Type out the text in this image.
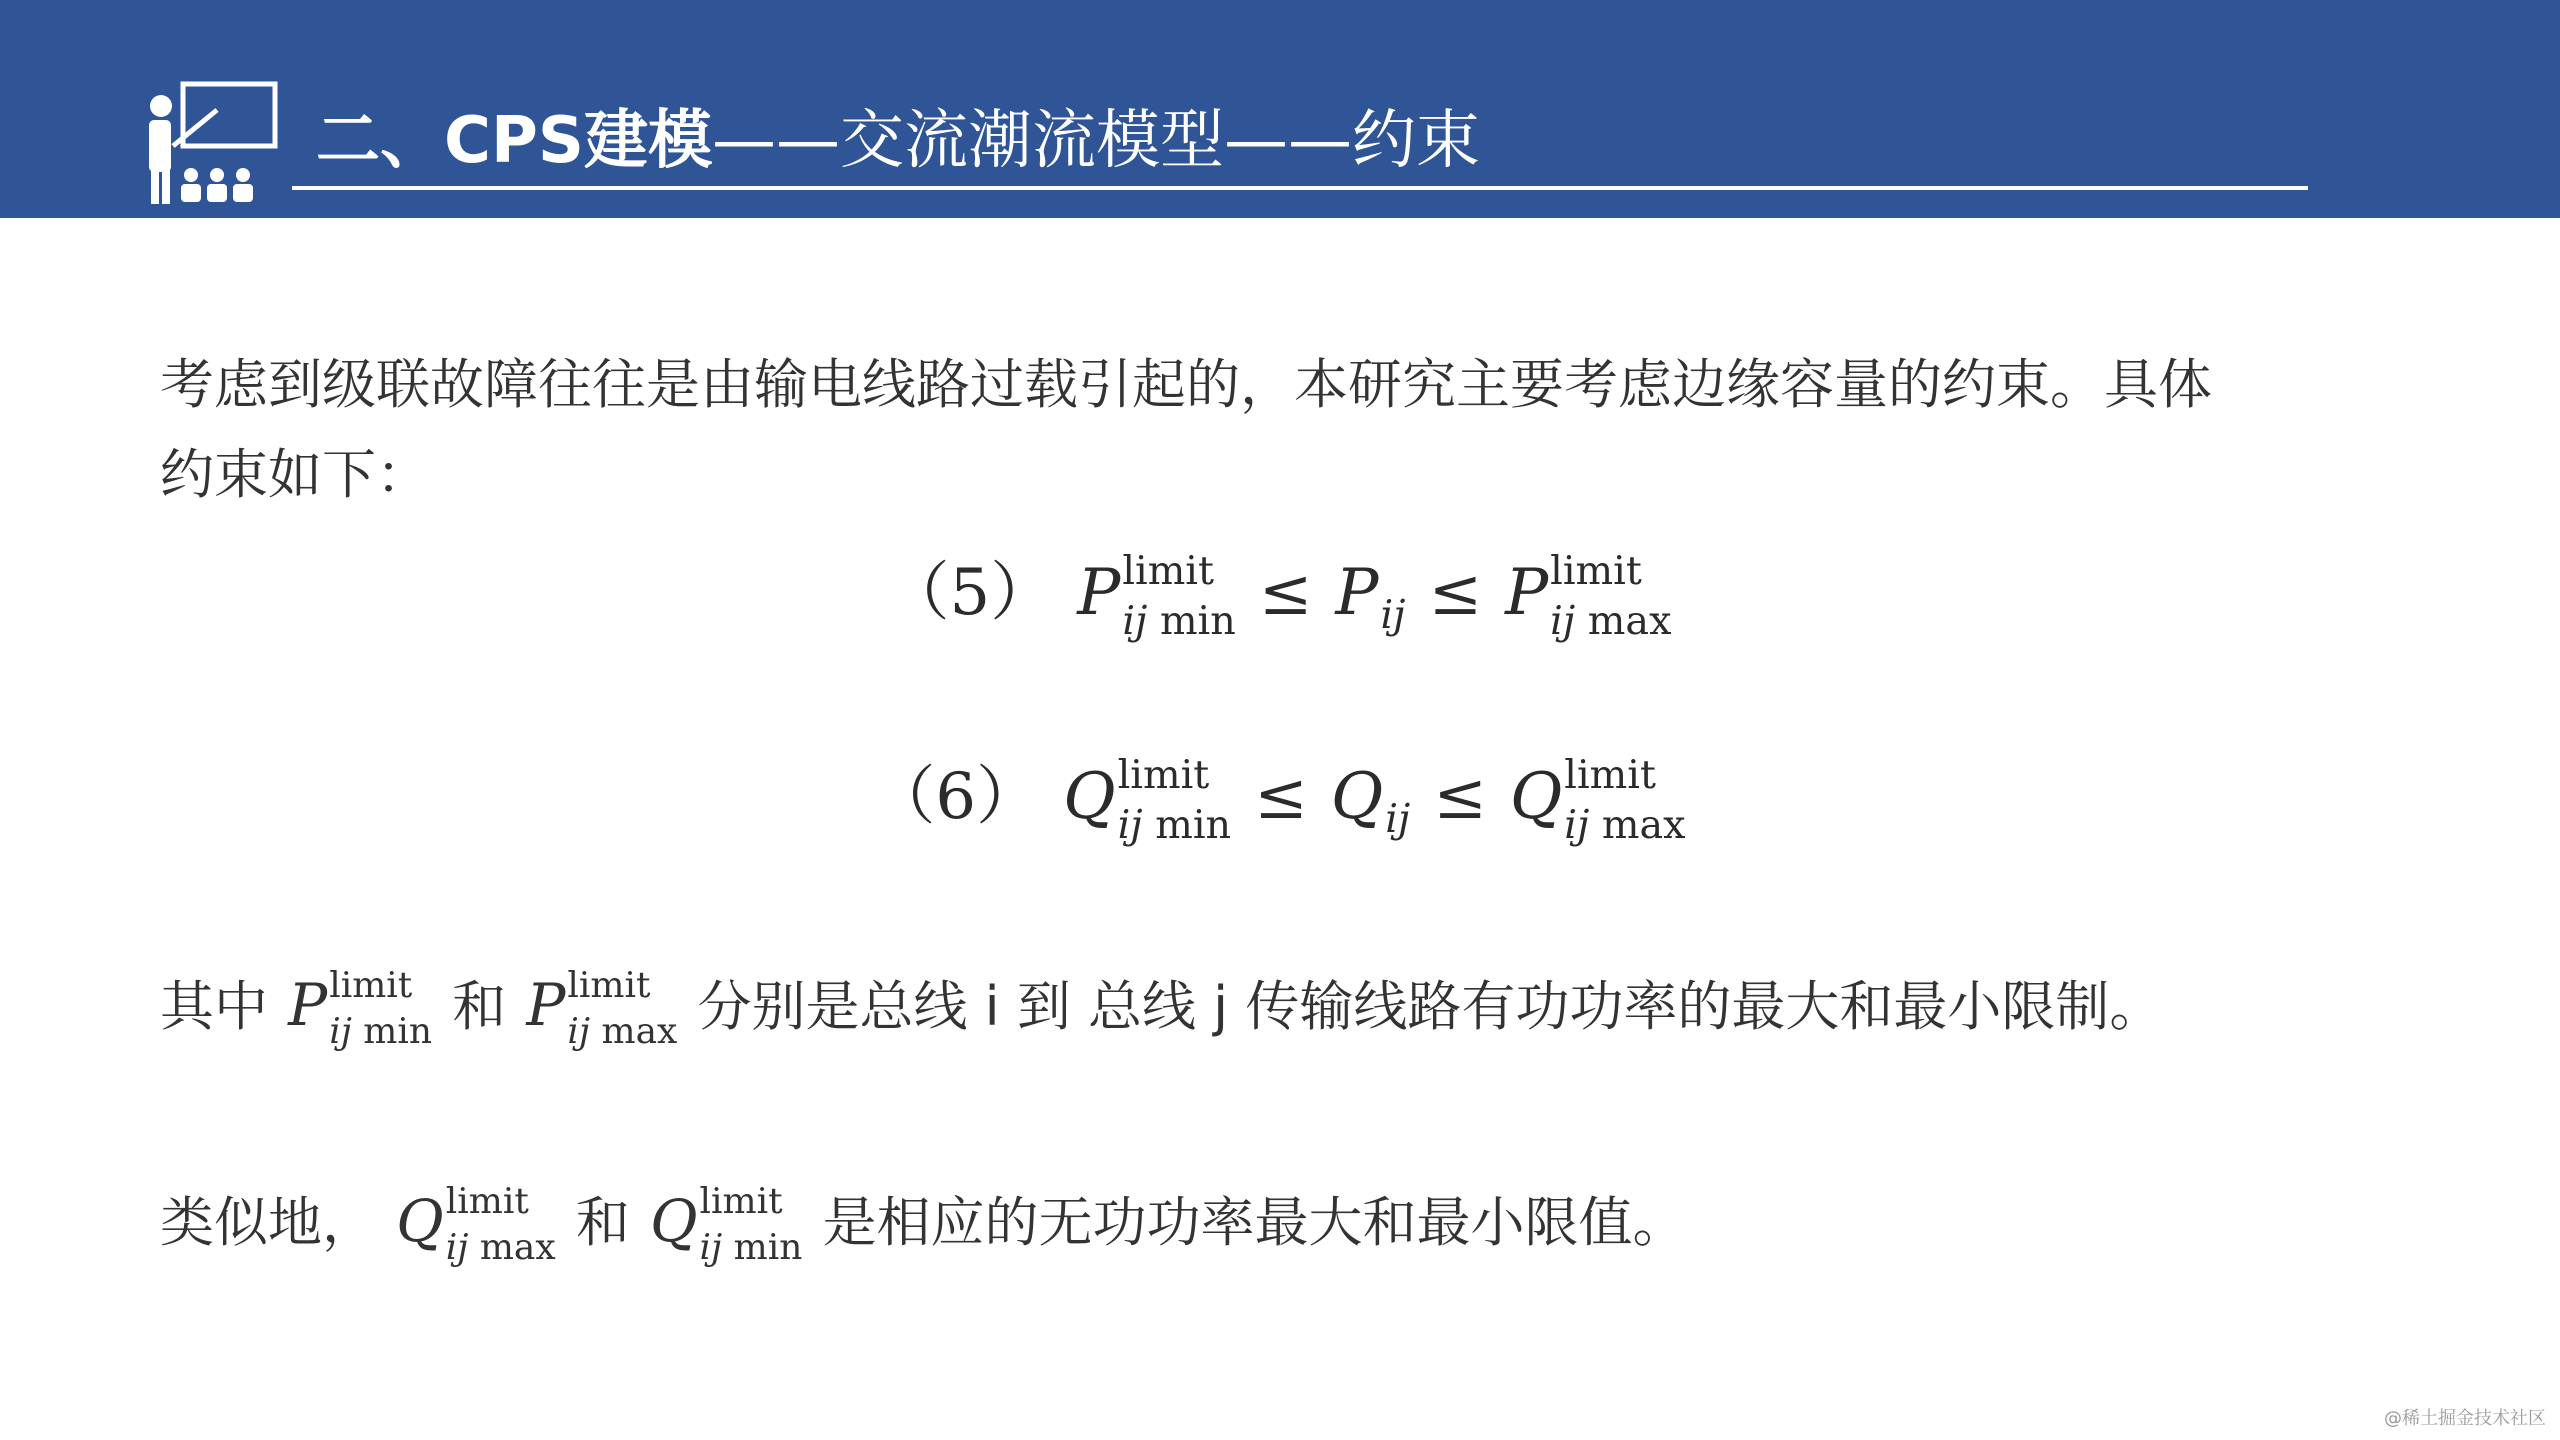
二、CPS建模——交流潮流模型——约束
考虑到级联故障往往是由输电线路过载引起的，本研究主要考虑边缘容量的约束。具体
约束如下：
（5） P limit
ij min ≤ P ij ≤ P limit
ij max
（6） Q limit
ij min ≤ Q ij ≤ Q limit
ij max
其中 P limit
ij min 和 P limit
ij max 分别是总线 i 到 总线 j 传输线路有功功率的最大和最小限制。
类似地， Q limit
ij max 和 Q limit
ij min 是相应的无功功率最大和最小限值。
@稀土掘金技术社区
